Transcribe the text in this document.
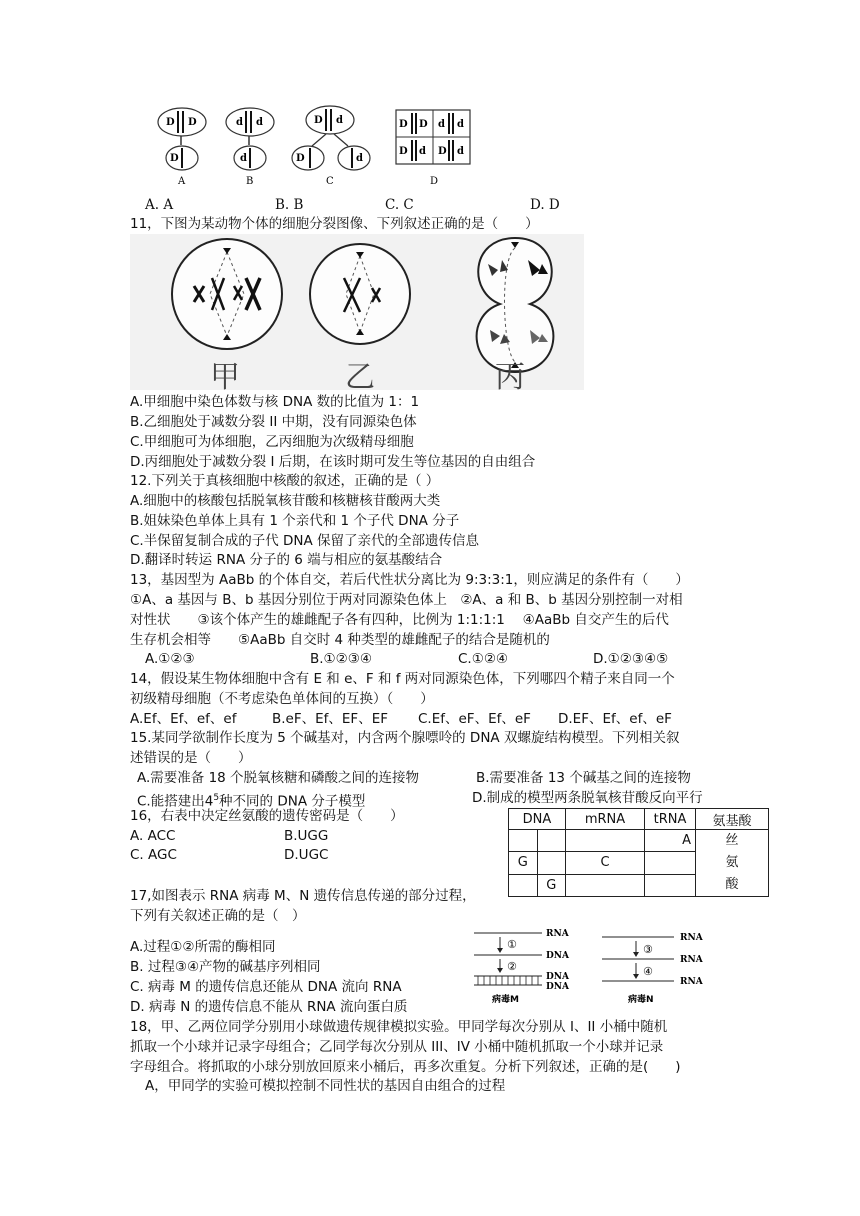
D D
D
A
d d
d
B
D d
D	d
C
D D d d
D d D d
D
A. A	B. B	C. C	D. D
11，下图为某动物个体的细胞分裂图像、下列叙述正确的是（　　）
甲	乙	丙
A.甲细胞中染色体数与核 DNA 数的比值为 1：1
B.乙细胞处于减数分裂 II 中期，没有同源染色体
C.甲细胞可为体细胞，乙丙细胞为次级精母细胞
D.丙细胞处于减数分裂 I 后期，在该时期可发生等位基因的自由组合
12.下列关于真核细胞中核酸的叙述，正确的是（ ）
A.细胞中的核酸包括脱氧核苷酸和核糖核苷酸两大类
B.姐妹染色单体上具有 1 个亲代和 1 个子代 DNA 分子
C.半保留复制合成的子代 DNA 保留了亲代的全部遗传信息
D.翻译时转运 RNA 分子的 6 端与相应的氨基酸结合
13，基因型为 AaBb 的个体自交，若后代性状分离比为 9:3:3:1，则应满足的条件有（　　）
①A、a 基因与 B、b 基因分别位于两对同源染色体上　②A、a 和 B、b 基因分别控制一对相
对性状　　③该个体产生的雄雌配子各有四种，比例为 1:1:1:1　 ④AaBb 自交产生的后代
生存机会相等　　⑤AaBb 自交时 4 种类型的雄雌配子的结合是随机的
A.①②③	B.①②③④	C.①②④	D.①②③④⑤
14，假设某生物体细胞中含有 E 和 e、F 和 f 两对同源染色体，下列哪四个精子来自同一个
初级精母细胞（不考虑染色单体间的互换）（　　）
A.Ef、Ef、ef、ef	B.eF、Ef、EF、EF C.Ef、eF、Ef、eF D.EF、Ef、ef、eF
15.某同学欲制作长度为 5 个碱基对，内含两个腺嘌呤的 DNA 双螺旋结构模型。下列相关叙
述错误的是（　　）
A.需要准备 18 个脱氧核糖和磷酸之间的连接物	B.需要准备 13 个碱基之间的连接物
C.能搭建出$4^5$种不同的 DNA 分子模型	D.制成的模型两条脱氧核苷酸反向平行
16，右表中决定丝氨酸的遗传密码是（　　）
A. ACC	B.UGG
C. AGC	D.UGC
DNA		mRNA	tRNA	氨基酸
			A	丝
氨
酸

G		C		
	G			
17,如图表示 RNA 病毒 M、N 遗传信息传递的部分过程，
下列有关叙述正确的是（　）
A.过程①②所需的酶相同
B. 过程③④产物的碱基序列相同
C. 病毒 M 的遗传信息还能从 DNA 流向 RNA
D. 病毒 N 的遗传信息不能从 RNA 流向蛋白质
RNA
①
DNA
②
DNA
DNA
病毒M
RNA
③
RNA
④
RNA
病毒N
18，甲、乙两位同学分别用小球做遗传规律模拟实验。甲同学每次分别从 I、II 小桶中随机
抓取一个小球并记录字母组合；乙同学每次分别从 III、IV 小桶中随机抓取一个小球并记录
字母组合。将抓取的小球分别放回原来小桶后，再多次重复。分析下列叙述，正确的是(　　)
A，甲同学的实验可模拟控制不同性状的基因自由组合的过程
